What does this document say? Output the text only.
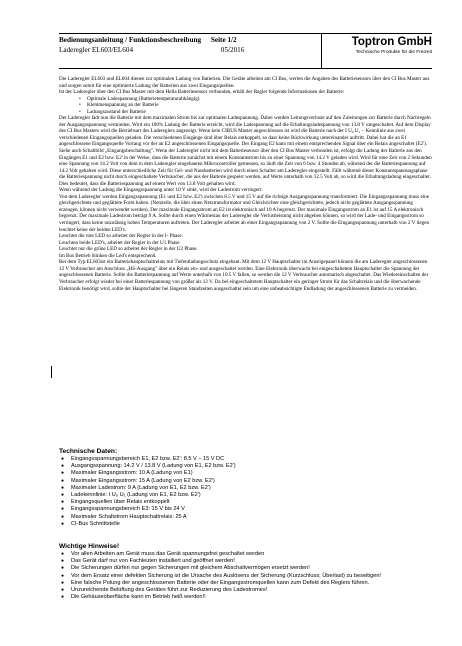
Bedienungsanleitung / Funktionsbeschreibung Seite 1/2
Laderegler EL603/EL604	05/2016
Toptron GmbH
Technische Produkte für die Freizeit

Die Laderegler EL603 und EL604 dienen zur optimalen Ladung von Batterien. Die Geräte arbeiten am CI Bus, werten die Angaben des Batteriesensors über den CI Bus Master aus und sorgen somit für eine optimierte Ladung der Batterien aus zwei Eingangsquellen.

Ist der Laderegler über den CI Bus Master mit dem Hella Batteriesensor verbunden, erhält der Regler folgende Informationen der Batterie:

• Optimale Ladespannung (Batterietemperaturabhängig)
• Klemmenspannung an der Batterie
• Ladungszustand der Batterie

Der Laderegler lädt nun die Batterie mit dem maximalen Strom bis zur optimalen Ladespannung. Dabei werden Leitungsverluste auf den Zuleitungen zur Batterie durch Nachregeln der Ausgangsspannung vermieden. Wird ein 100% Ladung der Batterie erreicht, wird die Ladespannung auf die Erhaltungsladespannung von 13.8 V umgeschaltet. Auf dem Display des CI Bus Masters wird die Betriebsart des Ladereglers angezeigt. Wenn kein CIBUS Master angeschlossen ist wird die Batterie nach der I U₀ U₁ – Kennlinie aus zwei verschiedenen Eingangsquellen geladen. Die verschiedenen Eingänge sind über Relais entkoppelt, so dass keine Rückwirkung untereinander auftritt. Dabei hat die an E1 angeschlossene Eingangsquelle Vorrang vor der an E2 angeschlossenen Eingangsquelle. Der Eingang E2 kann mit einem entsprechenden Signal über ein Relais angeschaltet (E2'). Siehe auch Schaltbild „Eingangsbeschaltung". Wenn der Laderegler nicht mit dem Batteriesensor über den CI Bus Master verbunden ist, erfolgt die Ladung der Batterie aus den Eingängen E1 und E2 bzw. E2' in der Weise, dass die Batterie zunächst mit einem Konstantstrom bis zu einer Spannung von 14.2 V geladen wird. Wird für eine Zeit von 2 Sekunden eine Spannung von 14.2 Volt von dem in dem Laderegler eingebauten Mikrocontroller gemessen, so läuft die Zeit von 6 bzw. 4 Stunden ab, während der die Batteriespannung auf 14.2 Volt gehalten wird. Diese unterschiedliche Zeit für Gel- und Nassbatterien wird durch einen Schalter am Laderegler eingestellt. Fällt während dieser Konstantspannungsphase die Batteriespannung nicht durch eingeschaltete Verbraucher, die aus der Batterie gespeist werden, auf Werte unterhalb von 12.5 Volt ab, so wird die Erhaltungsladung eingeschaltet. Dies bedeutet, dass die Batteriespannung auf einem Wert von 13.8 Volt gehalten wird.

Wenn während der Ladung die Eingangsspannung unter 10 V sinkt, wird der Ladestrom verringert.

Von dem Laderegler werden Eingangsspannung (E1 und E2 bzw. E2') zwischen 8.5 V und 15 V auf die richtige Ausgangsspannung transformiert. Die Eingangsspannung muss eine gleichgerichtete und geglättete Form haben. (Netzteile, die über einen Netztransformator und Gleichrichter eine gleichgerichtete, jedoch nicht geglättete Ausgangsspannung erzeugen, können nicht verwendet werden). Der maximale Eingangsstrom an E2 ist elektronisch auf 10 A begrenzt. Der maximale Eingangsstrom an E1 ist auf 15 A elektronisch begrenzt. Der maximale Ladestrom beträgt 9 A. Sollte durch einen Wärmestau der Laderegler die Verlustleistung nicht abgeben können, so wird der Lade- und Eingangsstrom so verringert, dass keine unzulässig hohen Temperaturen auftreten. Der Laderegler arbeitet ab einer Eingangsspannung von 2 V. Sollte die Eingangsspannung unterhalb von 2 V liegen leuchtet keine der beiden LED's.

Leuchtet die rote LED so arbeitet der Regler in der I- Phase.

Leuchten beide LED's, arbeitet der Regler in der U1 Phase

Leuchtet nur die grüne LED so arbeitet der Regler in der U2 Phase.

Im Bus Betrieb blinken die Led's entsprechend.

Bei dem Typ EL603ist ein Batteriehauptschaltrelais mit Tiefentladungsschutz eingebaut. Mit dem 12 V Hauptschalter im Anzeigepanel können die am Laderegler angeschlossenen 12 V Verbraucher am Anschluss „HS-Ausgang" über ein Relais ein- und ausgeschaltet werden. Eine Elektronik überwacht bei eingeschaltetem Hauptschalter die Spannung der angeschlossenen Batterie. Sollte die Batteriespannung auf Werte unterhalb von 10.5 V fallen, so werden die 12 V Verbraucher automatisch abgeschaltet. Das Wiedereinschalten der Verbraucher erfolgt wieder bei einer Batteriespannung von größer als 12 V. Da bei eingeschaltetem Hauptschalter ein geringer Strom für das Schaltrelais und die überwachende Elektronik benötigt wird, sollte der Hauptschalter bei längeren Standzeiten ausgeschaltet sein um eine unbeabsichtigte Endladung der angeschlossenen Batterie zu vermeiden.

Technische Daten:
● Eingangsspannungsbereich E1, E2 bzw. E2': 8.5 V – 15 V DC
● Ausgangsspannung: 14.2 V / 13.8 V (Ladung von E1, E2 bzw. E2')
● Maximaler Eingangsstrom: 10 A (Ladung von E1)
● Maximaler Eingangsstrom: 15 A (Ladung von E2 bzw. E2')
● Maximaler Ladestrom: 9 A (Ladung von E1, E2 bzw. E2')
● Ladekennlinie: I U₀ U₁ (Ladung von E1, E2 bzw. E2')
● Eingangsquellen über Relais entkoppelt
● Eingangsspannungsbereich E3: 15 V bis 24 V
● Maximaler Schaltstrom Hauptschaltrelais: 25 A
● CI-Bus Schnittstelle
Wichtige Hinweise!
● Vor allen Arbeiten am Gerät muss das Gerät spannungsfrei geschaltet werden
● Das Gerät darf nur von Fachleuten installiert und geöffnet werden!
● Die Sicherungen dürfen nur gegen Sicherungen mit gleichem Abschaltvermögen ersetzt werden!
● Vor dem Ersatz einer defekten Sicherung ist die Ursache des Auslösens der Sicherung (Kurzschluss; Überlast) zu beseitigen!
● Eine falsche Polung der angeschlossenen Batterie oder der Eingangsstromquellen kann zum Defekt des Reglers führen.
● Unzureichende Belüftung des Gerätes führt zur Reduzierung des Ladestromes!
● Die Gehäuseoberfläche kann im Betrieb heiß werden!!
